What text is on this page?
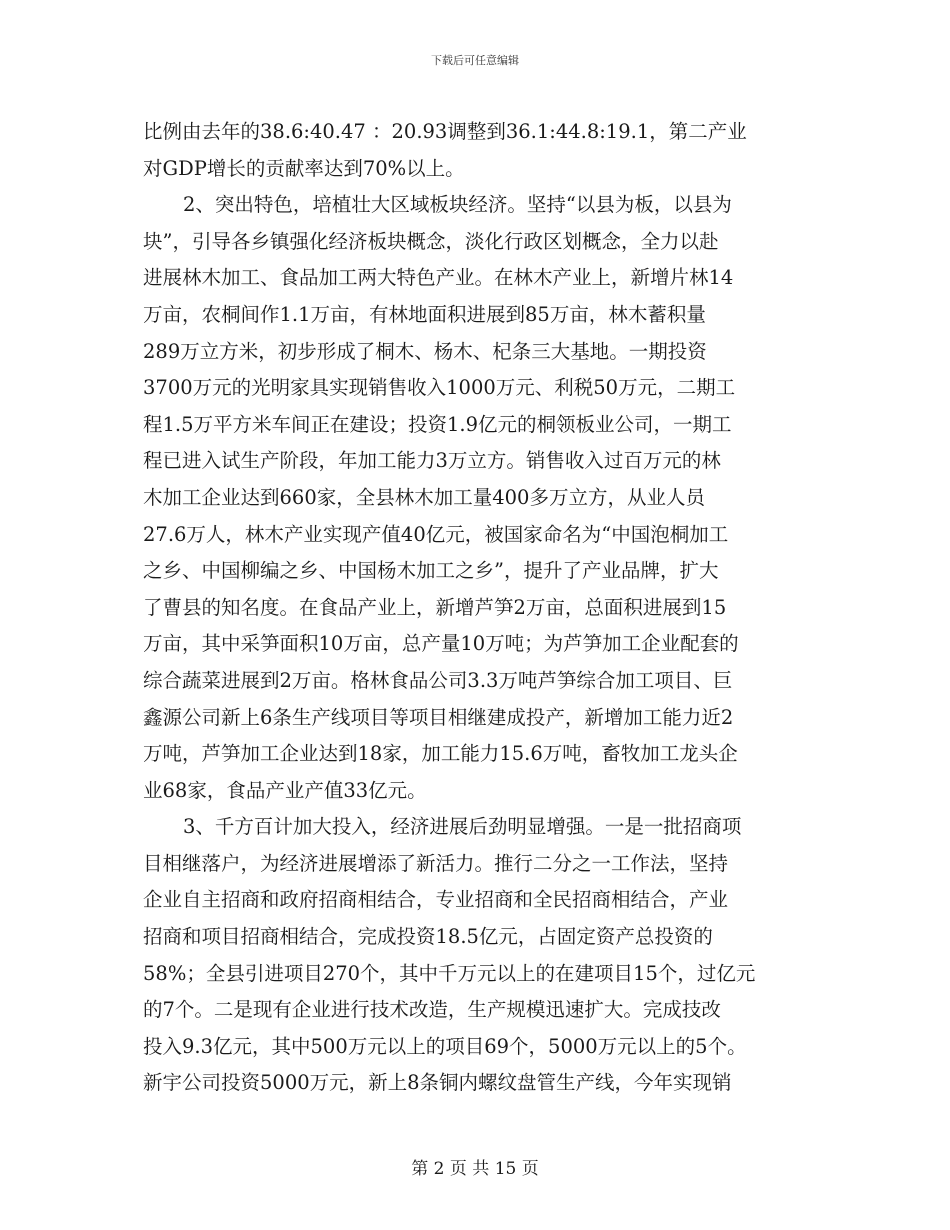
下载后可任意编辑
比例由去年的38.6:40.47 ：20.93调整到36.1:44.8:19.1，第二产业
对GDP增长的贡献率达到70%以上。
2、突出特色，培植壮大区域板块经济。坚持“以县为板，以县为
块”，引导各乡镇强化经济板块概念，淡化行政区划概念，全力以赴
进展林木加工、食品加工两大特色产业。在林木产业上，新增片林14
万亩，农桐间作1.1万亩，有林地面积进展到85万亩，林木蓄积量
289万立方米，初步形成了桐木、杨木、杞条三大基地。一期投资
3700万元的光明家具实现销售收入1000万元、利税50万元，二期工
程1.5万平方米车间正在建设；投资1.9亿元的桐领板业公司，一期工
程已进入试生产阶段，年加工能力3万立方。销售收入过百万元的林
木加工企业达到660家，全县林木加工量400多万立方，从业人员
27.6万人，林木产业实现产值40亿元，被国家命名为“中国泡桐加工
之乡、中国柳编之乡、中国杨木加工之乡”，提升了产业品牌，扩大
了曹县的知名度。在食品产业上，新增芦笋2万亩，总面积进展到15
万亩，其中采笋面积10万亩，总产量10万吨；为芦笋加工企业配套的
综合蔬菜进展到2万亩。格林食品公司3.3万吨芦笋综合加工项目、巨
鑫源公司新上6条生产线项目等项目相继建成投产，新增加工能力近2
万吨，芦笋加工企业达到18家，加工能力15.6万吨，畜牧加工龙头企
业68家，食品产业产值33亿元。
3、千方百计加大投入，经济进展后劲明显增强。一是一批招商项
目相继落户，为经济进展增添了新活力。推行二分之一工作法，坚持
企业自主招商和政府招商相结合，专业招商和全民招商相结合，产业
招商和项目招商相结合，完成投资18.5亿元，占固定资产总投资的
58%；全县引进项目270个，其中千万元以上的在建项目15个，过亿元
的7个。二是现有企业进行技术改造，生产规模迅速扩大。完成技改
投入9.3亿元，其中500万元以上的项目69个，5000万元以上的5个。
新宇公司投资5000万元，新上8条铜内螺纹盘管生产线，今年实现销
第 2 页 共 15 页
